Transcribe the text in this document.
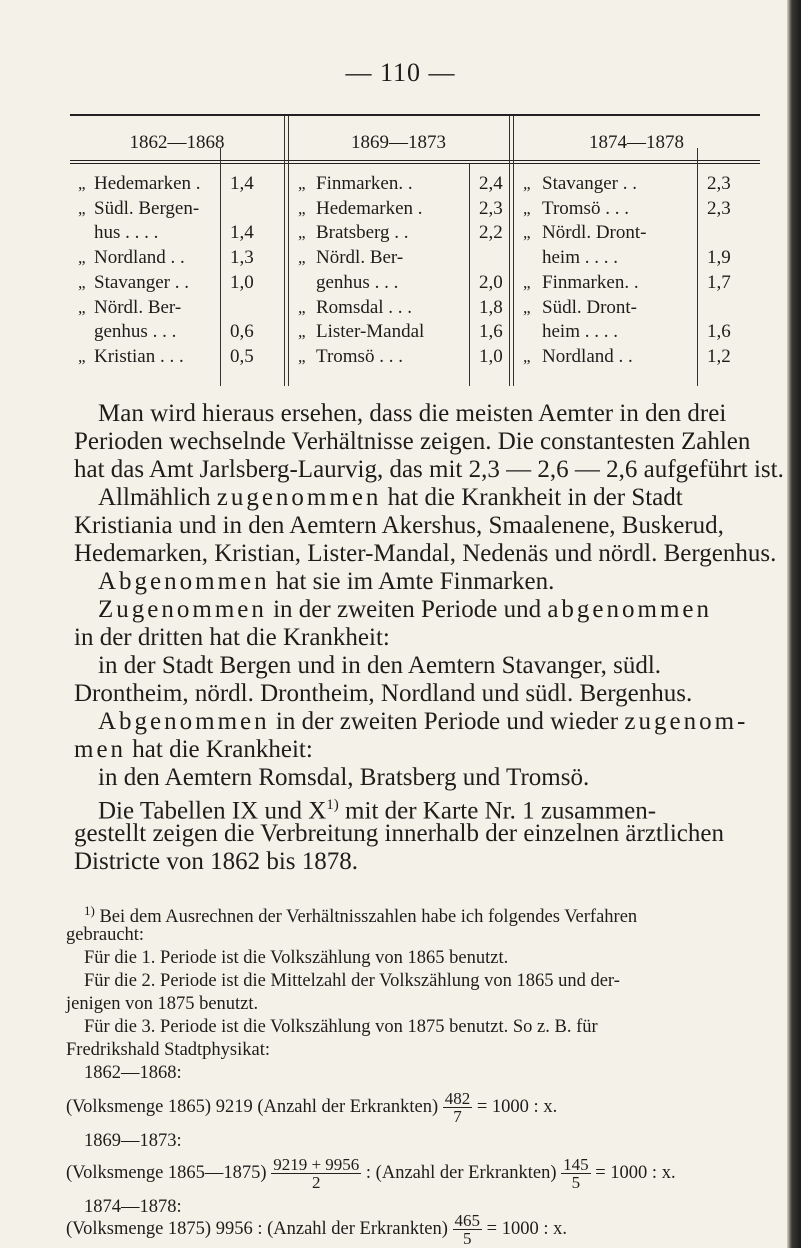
— 110 —
1862—1868	1869—1873	1874—1878
„ Hedemarken . 1,4
„ Südl. Bergen-
hus . . . .	1,4
„ Nordland . . 1,3
„ Stavanger . . 1,0
„ Nördl. Ber-
genhus . . .	0,6
„ Kristian . . . 0,5
„ Finmarken. .	2,4
„ Hedemarken .	2,3
„ Bratsberg . .	2,2
„ Nördl. Ber-
genhus . . .	2,0
„ Romsdal . . .	1,8
„ Lister-Mandal	1,6
„ Tromsö . . .	1,0
„ Stavanger . .	2,3
„ Tromsö . . .	2,3
„ Nördl. Dront-
heim . . . .	1,9
„ Finmarken. .	1,7
„ Südl. Dront-
heim . . . .	1,6
„ Nordland . .	1,2
Man wird hieraus ersehen, dass die meisten Aemter in den drei
Perioden wechselnde Verhältnisse zeigen. Die constantesten Zahlen
hat das Amt Jarlsberg-Laurvig, das mit 2,3 — 2,6 — 2,6 aufgeführt ist.
Allmählich zugenommen hat die Krankheit in der Stadt
Kristiania und in den Aemtern Akershus, Smaalenene, Buskerud,
Hedemarken, Kristian, Lister-Mandal, Nedenäs und nördl. Bergenhus.
Abgenommen hat sie im Amte Finmarken.
Zugenommen in der zweiten Periode und abgenommen
in der dritten hat die Krankheit:
in der Stadt Bergen und in den Aemtern Stavanger, südl.
Drontheim, nördl. Drontheim, Nordland und südl. Bergenhus.
Abgenommen in der zweiten Periode und wieder zugenom-
men hat die Krankheit:
in den Aemtern Romsdal, Bratsberg und Tromsö.
Die Tabellen IX und $X^{1)}$ mit der Karte Nr. 1 zusammen-
gestellt zeigen die Verbreitung innerhalb der einzelnen ärztlichen
Districte von 1862 bis 1878.
$^{1)}$ Bei dem Ausrechnen der Verhältnisszahlen habe ich folgendes Verfahren
gebraucht:
Für die 1. Periode ist die Volkszählung von 1865 benutzt.
Für die 2. Periode ist die Mittelzahl der Volkszählung von 1865 und der-
jenigen von 1875 benutzt.
Für die 3. Periode ist die Volkszählung von 1875 benutzt. So z. B. für
Fredrikshald Stadtphysikat:
1862—1868:
(Volksmenge 1865) 9219 (Anzahl der Erkrankten) $\frac{482}{7} = 1000$ : x.
1869—1873:
(Volksmenge 1865—1875) $\frac{9219 + 9956}{2}$ : (Anzahl der Erkrankten) $\frac{145}{5} = 1000$ : x.
1874—1878:
(Volksmenge 1875) 9956 : (Anzahl der Erkrankten) $\frac{465}{5} = 1000$ : x.
